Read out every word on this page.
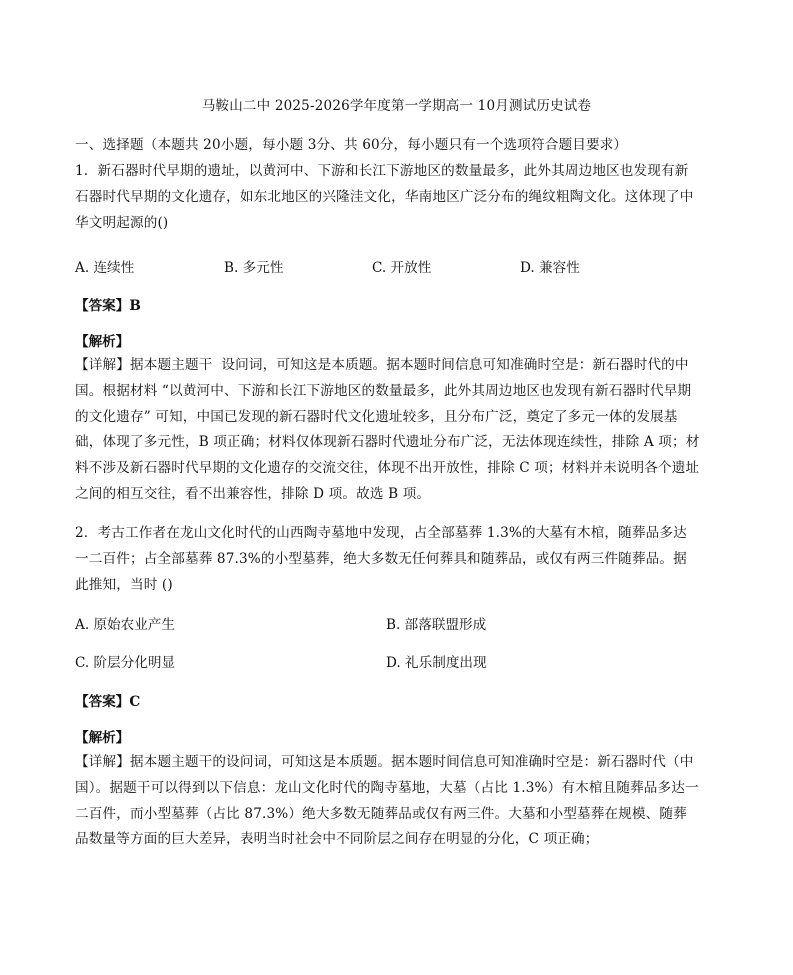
马鞍山二中 2025-2026学年度第一学期高一 10月测试历史试卷
一、选择题（本题共 20小题，每小题 3分、共 60分，每小题只有一个选项符合题目要求）
1．新石器时代早期的遗址，以黄河中、下游和长江下游地区的数量最多，此外其周边地区也发现有新石器时代早期的文化遗存，如东北地区的兴隆洼文化，华南地区广泛分布的绳纹粗陶文化。这体现了中华文明起源的()
A. 连续性	B. 多元性	C. 开放性	D. 兼容性
【答案】B
【解析】
【详解】据本题主题干  设问词，可知这是本质题。据本题时间信息可知准确时空是：新石器时代的中国。根据材料 “以黄河中、下游和长江下游地区的数量最多，此外其周边地区也发现有新石器时代早期的文化遗存” 可知，中国已发现的新石器时代文化遗址较多，且分布广泛，奠定了多元一体的发展基础，体现了多元性，B 项正确；材料仅体现新石器时代遗址分布广泛，无法体现连续性，排除 A 项；材料不涉及新石器时代早期的文化遗存的交流交往，体现不出开放性，排除 C 项；材料并未说明各个遗址之间的相互交往，看不出兼容性，排除 D 项。故选 B 项。
2．考古工作者在龙山文化时代的山西陶寺墓地中发现，占全部墓葬 1.3%的大墓有木棺，随葬品多达一二百件；占全部墓葬 87.3%的小型墓葬，绝大多数无任何葬具和随葬品，或仅有两三件随葬品。据此推知，当时 ()
A. 原始农业产生	B. 部落联盟形成
C. 阶层分化明显	D. 礼乐制度出现
【答案】C
【解析】
【详解】据本题主题干的设问词，可知这是本质题。据本题时间信息可知准确时空是：新石器时代（中国）。据题干可以得到以下信息：龙山文化时代的陶寺墓地，大墓（占比 1.3%）有木棺且随葬品多达一二百件，而小型墓葬（占比 87.3%）绝大多数无随葬品或仅有两三件。大墓和小型墓葬在规模、随葬品数量等方面的巨大差异，表明当时社会中不同阶层之间存在明显的分化，C 项正确；
